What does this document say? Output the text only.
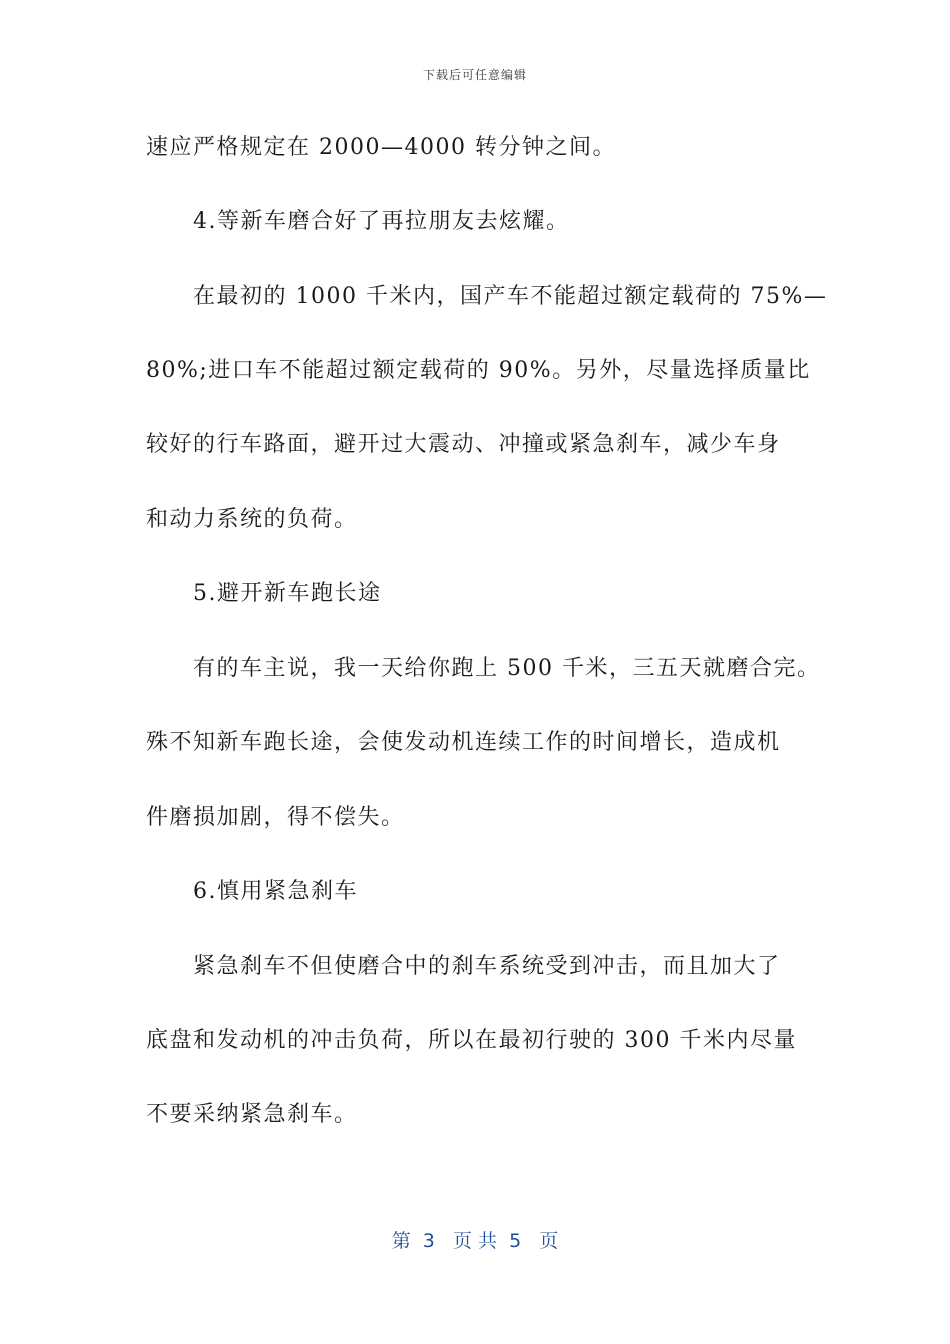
下载后可任意编辑
速应严格规定在 2000—4000 转分钟之间。
4.等新车磨合好了再拉朋友去炫耀。
在最初的 1000 千米内，国产车不能超过额定载荷的 75%—
80%;进口车不能超过额定载荷的 90%。另外，尽量选择质量比
较好的行车路面，避开过大震动、冲撞或紧急刹车，减少车身
和动力系统的负荷。
5.避开新车跑长途
有的车主说，我一天给你跑上 500 千米，三五天就磨合完。
殊不知新车跑长途，会使发动机连续工作的时间增长，造成机
件磨损加剧，得不偿失。
6.慎用紧急刹车
紧急刹车不但使磨合中的刹车系统受到冲击，而且加大了
底盘和发动机的冲击负荷，所以在最初行驶的 300 千米内尽量
不要采纳紧急刹车。
第  3   页 共  5   页
